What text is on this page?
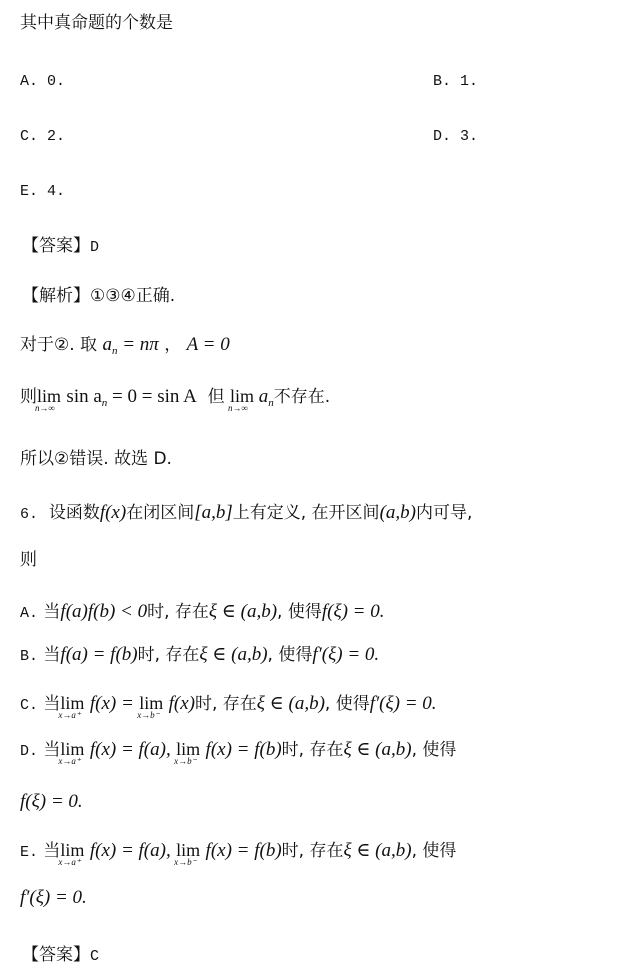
其中真命题的个数是
A. 0.	B. 1.
C. 2.	D. 3.
E. 4.
【答案】D
【解析】①③④正确.
对于②. 取 $a_n = n\pi$ ， A = 0
则lim
n→∞
$\sin a_n = 0 = \sin A$ 但 lim
n→∞
$a_n$不存在.
所以②错误. 故选 D.
6. 设函数f(x)在闭区间[a,b]上有定义, 在开区间(a,b)内可导,
则
A. 当f(a)f(b) < 0时, 存在ξ ∈ (a,b), 使得f(ξ) = 0.
B. 当f(a) = f(b)时, 存在ξ ∈ (a,b), 使得f′(ξ) = 0.
C. 当lim
x→a⁺
f(x) = lim
x→b⁻
f(x)时, 存在ξ ∈ (a,b), 使得f′(ξ) = 0.
D. 当lim
x→a⁺
f(x) = f(a), lim
x→b⁻
f(x) = f(b)时, 存在ξ ∈ (a,b), 使得
f(ξ) = 0.
E. 当lim
x→a⁺
f(x) = f(a), lim
x→b⁻
f(x) = f(b)时, 存在ξ ∈ (a,b), 使得
f′(ξ) = 0.
【答案】C
